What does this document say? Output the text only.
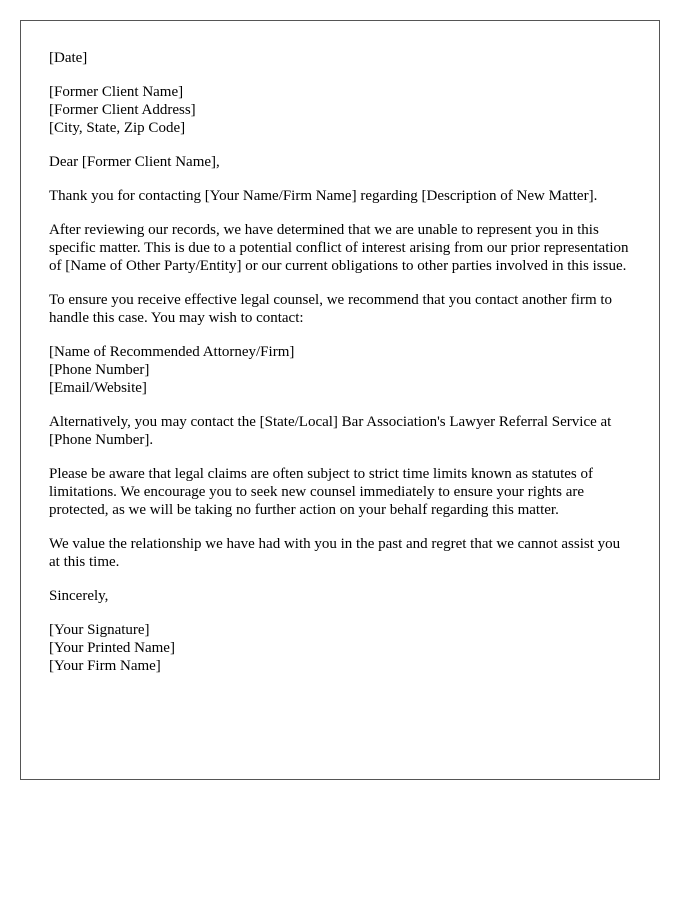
[Date]
[Former Client Name]
[Former Client Address]
[City, State, Zip Code]

Dear [Former Client Name],

Thank you for contacting [Your Name/Firm Name] regarding [Description of New Matter].

After reviewing our records, we have determined that we are unable to represent you in this specific matter. This is due to a potential conflict of interest arising from our prior representation of [Name of Other Party/Entity] or our current obligations to other parties involved in this issue.

To ensure you receive effective legal counsel, we recommend that you contact another firm to handle this case. You may wish to contact:

[Name of Recommended Attorney/Firm]
[Phone Number]
[Email/Website]

Alternatively, you may contact the [State/Local] Bar Association's Lawyer Referral Service at [Phone Number].

Please be aware that legal claims are often subject to strict time limits known as statutes of limitations. We encourage you to seek new counsel immediately to ensure your rights are protected, as we will be taking no further action on your behalf regarding this matter.

We value the relationship we have had with you in the past and regret that we cannot assist you at this time.

Sincerely,

[Your Signature]
[Your Printed Name]
[Your Firm Name]
